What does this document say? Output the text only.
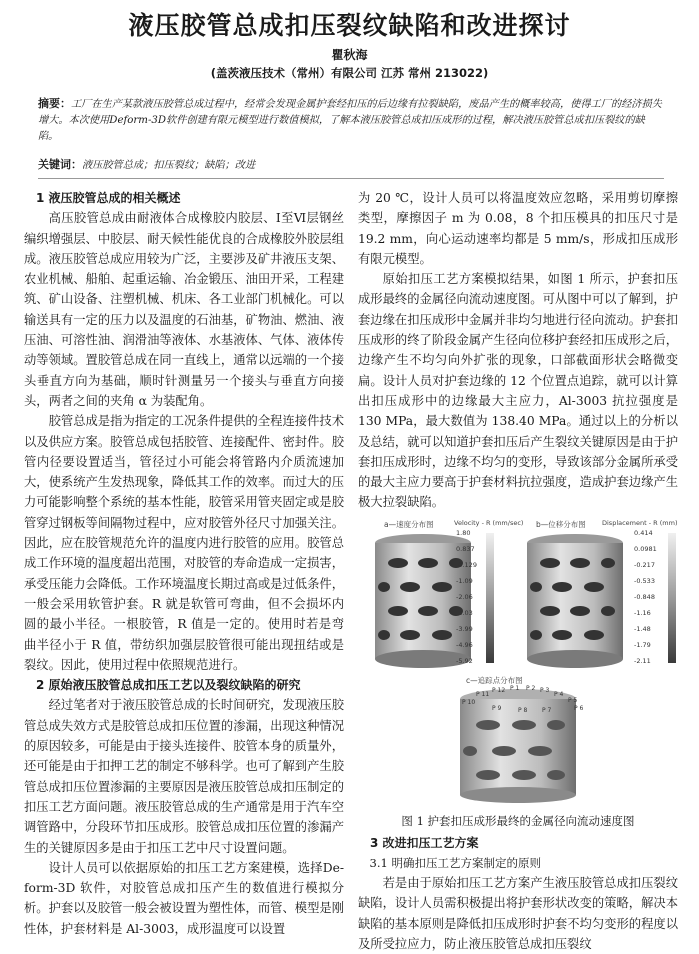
液压胶管总成扣压裂纹缺陷和改进探讨
瞿秋海
(盖茨液压技术（常州）有限公司 江苏 常州 213022)
摘要：工厂在生产某款液压胶管总成过程中，经常会发现金属护套经扣压的后边缘有拉裂缺陷，废品产生的概率较高，使得工厂的经济损失增大。本次使用Deform-3D软件创建有限元模型进行数值模拟，了解本液压胶管总成扣压成形的过程，解决液压胶管总成扣压裂纹的缺陷。
关键词：液压胶管总成；扣压裂纹；缺陷；改进
1 液压胶管总成的相关概述

高压胶管总成由耐液体合成橡胶内胶层、Ⅰ至Ⅵ层钢丝编织增强层、中胶层、耐天候性能优良的合成橡胶外胶层组成。液压胶管总成应用较为广泛，主要涉及矿井液压支架、农业机械、船舶、起重运输、冶金锻压、油田开采，工程建筑、矿山设备、注塑机械、机床、各工业部门机械化。可以输送具有一定的压力以及温度的石油基，矿物油、燃油、液压油、可溶性油、润滑油等液体、水基液体、气体、液体传动等领域。置胶管总成在同一直线上，通常以远端的一个接头垂直方向为基础，顺时针测量另一个接头与垂直方向接头，两者之间的夹角 α 为装配角。

胶管总成是指为指定的工况条件提供的全程连接件技术以及供应方案。胶管总成包括胶管、连接配件、密封件。胶管内径要设置适当，管径过小可能会将管路内介质流速加大，使系统产生发热现象，降低其工作的效率。而过大的压力可能影响整个系统的基本性能，胶管采用管夹固定或是胶管穿过钢板等间隔物过程中，应对胶管外径尺寸加强关注。因此，应在胶管规范允许的温度内进行胶管的应用。胶管总成工作环境的温度超出范围，对胶管的寿命造成一定损害，承受压能力会降低。工作环境温度长期过高或是过低条件，一般会采用软管护套。R 就是软管可弯曲，但不会损坏内圆的最小半径。一根胶管，R 值是一定的。使用时若是弯曲半径小于 R 值，带纺织加强层胶管很可能出现扭结或是裂纹。因此，使用过程中依照规范进行。

2 原始液压胶管总成扣压工艺以及裂纹缺陷的研究

经过笔者对于液压胶管总成的长时间研究，发现液压胶管总成失效方式是胶管总成扣压位置的渗漏，出现这种情况的原因较多，可能是由于接头连接件、胶管本身的质量外，还可能是由于扣押工艺的制定不够科学。也可了解到产生胶管总成扣压位置渗漏的主要原因是液压胶管总成扣压制定的扣压工艺方面问题。液压胶管总成的生产通常是用于汽车空调管路中，分段环节扣压成形。胶管总成扣压位置的渗漏产生的关键原因多是由于扣压工艺中尺寸设置问题。

设计人员可以依据原始的扣压工艺方案建模，选择De-form-3D 软件，对胶管总成扣压产生的数值进行模拟分析。护套以及胶管一般会被设置为塑性体，而管、模型是刚性体，护套材料是 Al-3003，成形温度可以设置

为 20 ℃，设计人员可以将温度效应忽略，采用剪切摩擦类型，摩擦因子 m 为 0.08，8 个扣压模具的扣压尺寸是 19.2 mm，向心运动速率均都是 5 mm/s，形成扣压成形有限元模型。

原始扣压工艺方案模拟结果，如图 1 所示，护套扣压成形最终的金属径向流动速度图。可从图中可以了解到，护套边缘在扣压成形中金属并非均匀地进行径向流动。护套扣压成形的终了阶段金属产生径向位移护套经扣压成形之后，边缘产生不均匀向外扩张的现象，口部截面形状会略微变扁。设计人员对护套边缘的 12 个位置点追踪，就可以计算出扣压成形中的边缘最大主应力，Al-3003 抗拉强度是 130 MPa，最大数值为 138.40 MPa。通过以上的分析以及总结，就可以知道护套扣压后产生裂纹关键原因是由于护套扣压成形时，边缘不均匀的变形，导致该部分金属所承受的最大主应力要高于护套材料抗拉强度，造成护套边缘产生极大拉裂缺陷。

a—速度分布图	Velocity - R (mm/sec)
1.80
0.837
-0.129
-1.09
-2.06
-3.03
-3.99
-4.96
-5.92
b—位移分布图 Displacement - R (mm)
0.414
0.0981
-0.217
-0.533
-0.848
-1.16
-1.48
-1.79
-2.11
c—追踪点分布图
P 10
P 11
P 12 P 1 P 2 P 3
P 4
P 5
P 6
P 7
P 8
P 9
图 1 护套扣压成形最终的金属径向流动速度图
3 改进扣压工艺方案
3.1 明确扣压工艺方案制定的原则

若是由于原始扣压工艺方案产生液压胶管总成扣压裂纹缺陷，设计人员需积极提出将护套形状改变的策略，解决本缺陷的基本原则是降低扣压成形时护套不均匀变形的程度以及所受拉应力，防止液压胶管总成扣压裂纹
